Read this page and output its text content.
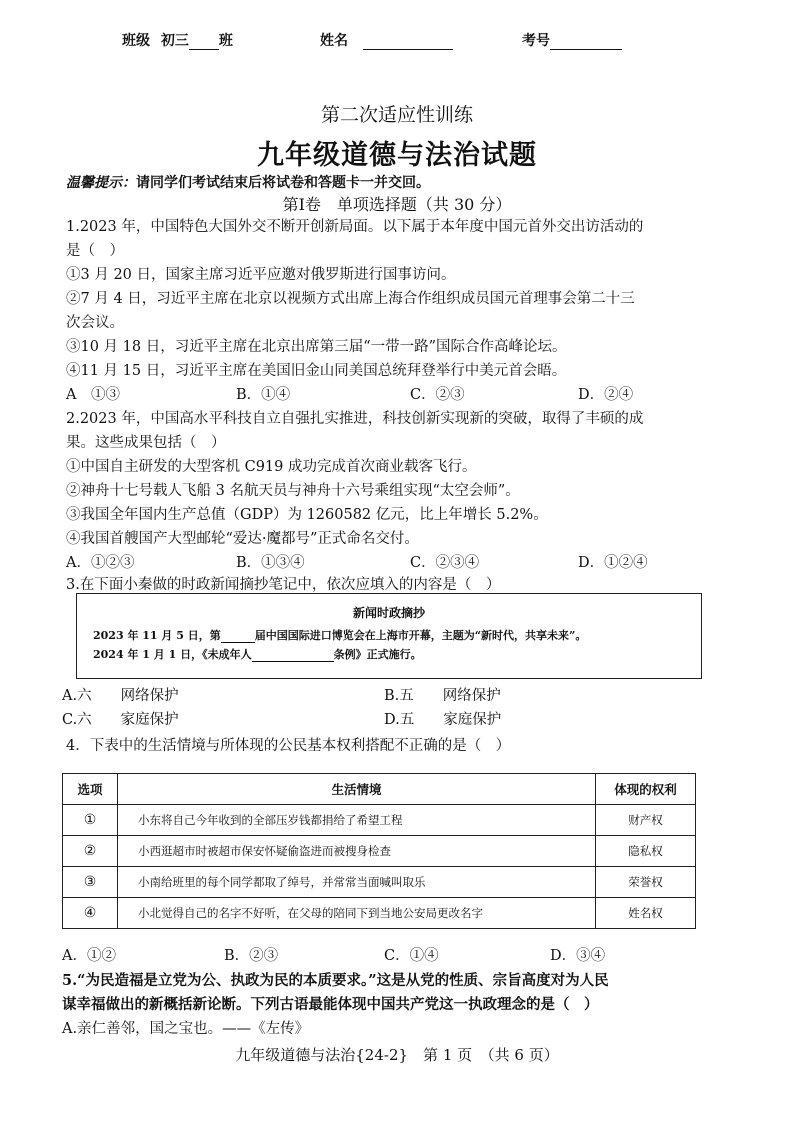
班级 初三 班	姓名	考号
第二次适应性训练
九年级道德与法治试题
温馨提示：请同学们考试结束后将试卷和答题卡一并交回。
第Ⅰ卷　单项选择题（共 30 分）
1.2023 年，中国特色大国外交不断开创新局面。以下属于本年度中国元首外交出访活动的
是（　）
①3 月 20 日，国家主席习近平应邀对俄罗斯进行国事访问。
②7 月 4 日，习近平主席在北京以视频方式出席上海合作组织成员国元首理事会第二十三
次会议。
③10 月 18 日，习近平主席在北京出席第三届“一带一路”国际合作高峰论坛。
④11 月 15 日，习近平主席在美国旧金山同美国总统拜登举行中美元首会晤。
A　①③	B．①④	C．②③	D．②④
2.2023 年，中国高水平科技自立自强扎实推进，科技创新实现新的突破，取得了丰硕的成
果。这些成果包括（　）
①中国自主研发的大型客机 C919 成功完成首次商业载客飞行。
②神舟十七号载人飞船 3 名航天员与神舟十六号乘组实现“太空会师”。
③我国全年国内生产总值（GDP）为 1260582 亿元，比上年增长 5.2%。
④我国首艘国产大型邮轮“爱达·魔都号”正式命名交付。
A．①②③	B．①③④	C．②③④	D．①②④
3.在下面小秦做的时政新闻摘抄笔记中，依次应填入的内容是（　）
新闻时政摘抄
2023 年 11 月 5 日，第	届中国国际进口博览会在上海市开幕，主题为“新时代，共享未来”。
2024 年 1 月 1 日，《未成年人	条例》正式施行。
A.六　　网络保护	B.五　　网络保护
C.六　　家庭保护	D.五　　家庭保护
4．下表中的生活情境与所体现的公民基本权利搭配不正确的是（　）
选项	生活情境	体现的权利
①	小东将自己今年收到的全部压岁钱都捐给了希望工程	财产权
②	小西逛超市时被超市保安怀疑偷盗进而被搜身检查	隐私权
③	小南给班里的每个同学都取了绰号，并常常当面喊叫取乐	荣誉权
④	小北觉得自己的名字不好听，在父母的陪同下到当地公安局更改名字	姓名权
A．①②	B．②③	C．①④	D．③④
5.“为民造福是立党为公、执政为民的本质要求。”这是从党的性质、宗旨高度对为人民
谋幸福做出的新概括新论断。下列古语最能体现中国共产党这一执政理念的是（　）
A.亲仁善邻，国之宝也。——《左传》
九年级道德与法治{24-2}　第 1 页　（共 6 页）
